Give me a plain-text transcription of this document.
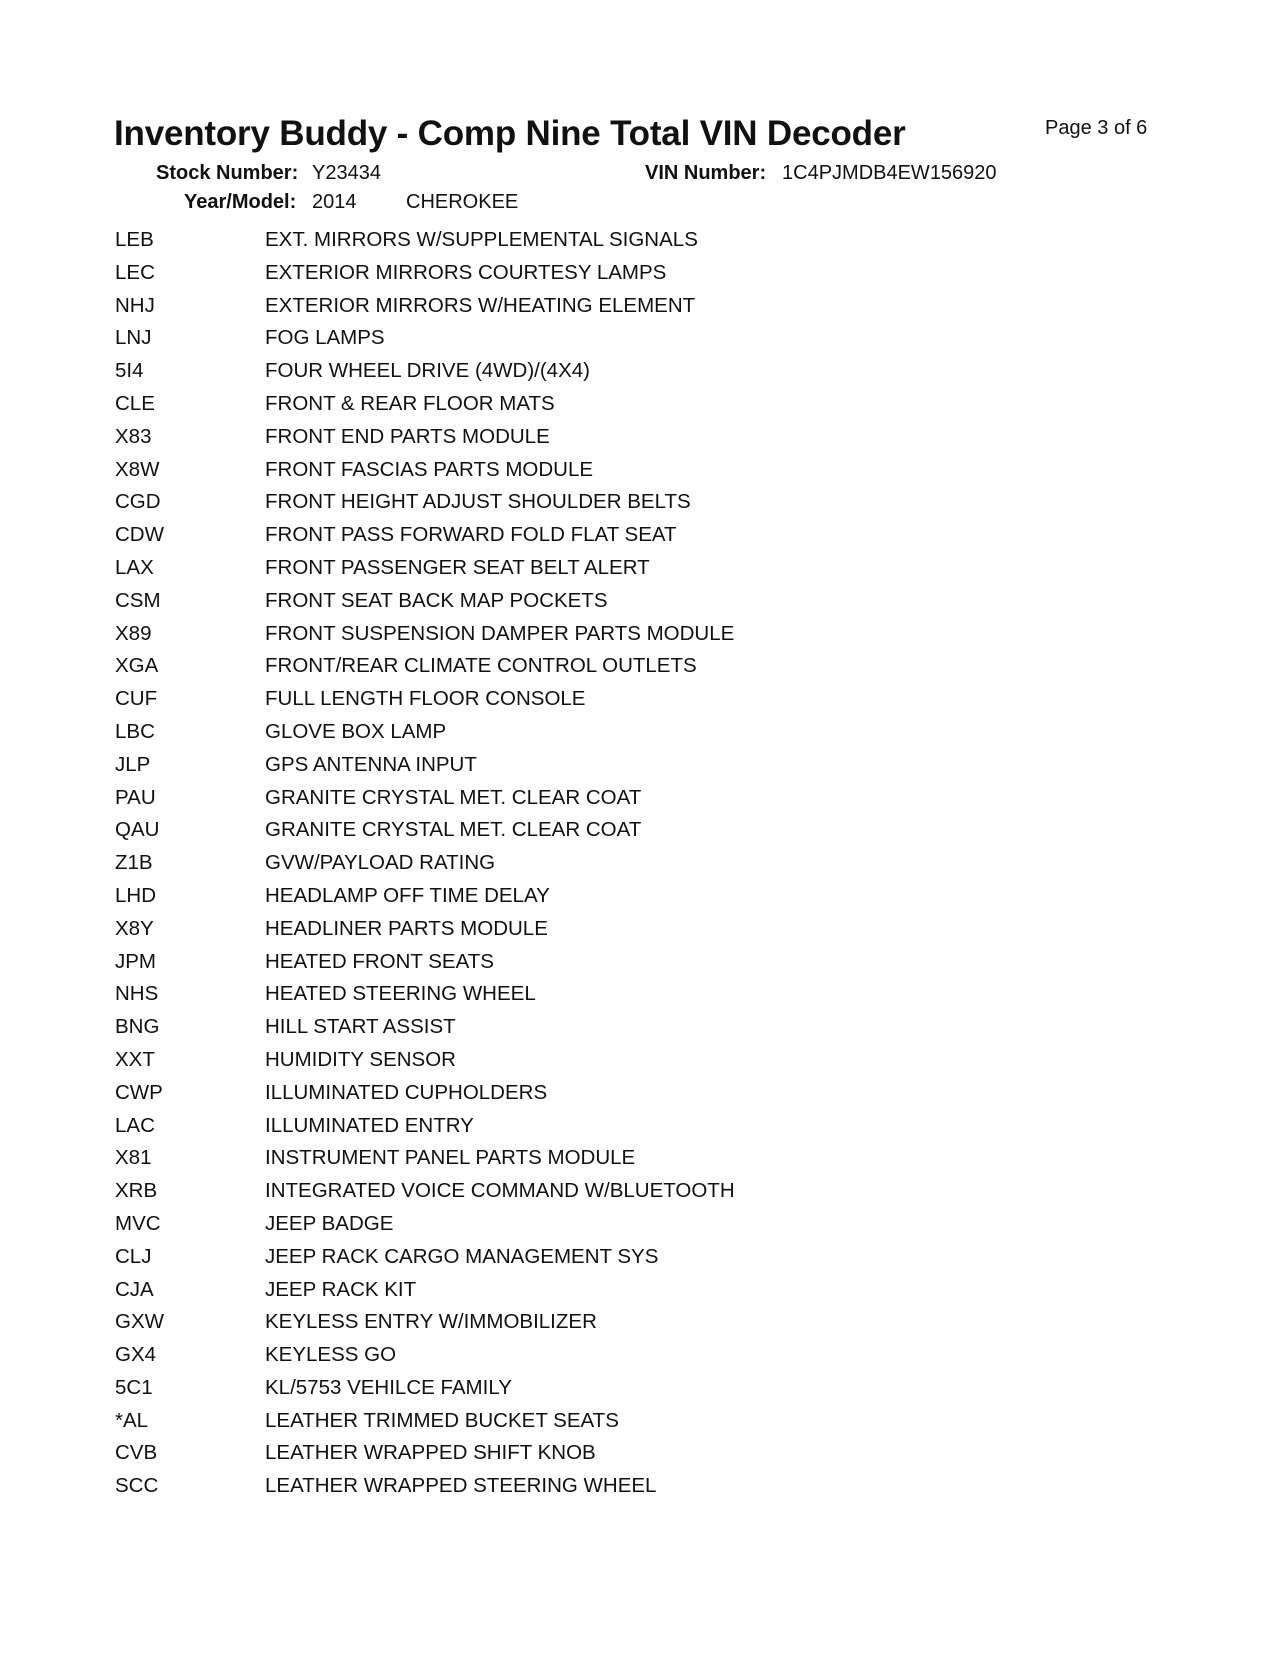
Inventory Buddy - Comp Nine Total VIN Decoder	Page 3 of 6
Stock Number: Y23434	VIN Number: 1C4PJMDB4EW156920
Year/Model: 2014 CHEROKEE
LEB	EXT. MIRRORS W/SUPPLEMENTAL SIGNALS
LEC	EXTERIOR MIRRORS COURTESY LAMPS
NHJ	EXTERIOR MIRRORS W/HEATING ELEMENT
LNJ	FOG LAMPS
5I4	FOUR WHEEL DRIVE (4WD)/(4X4)
CLE	FRONT & REAR FLOOR MATS
X83	FRONT END PARTS MODULE
X8W	FRONT FASCIAS PARTS MODULE
CGD	FRONT HEIGHT ADJUST SHOULDER BELTS
CDW	FRONT PASS FORWARD FOLD FLAT SEAT
LAX	FRONT PASSENGER SEAT BELT ALERT
CSM	FRONT SEAT BACK MAP POCKETS
X89	FRONT SUSPENSION DAMPER PARTS MODULE
XGA	FRONT/REAR CLIMATE CONTROL OUTLETS
CUF	FULL LENGTH FLOOR CONSOLE
LBC	GLOVE BOX LAMP
JLP	GPS ANTENNA INPUT
PAU	GRANITE CRYSTAL MET. CLEAR COAT
QAU	GRANITE CRYSTAL MET. CLEAR COAT
Z1B	GVW/PAYLOAD RATING
LHD	HEADLAMP OFF TIME DELAY
X8Y	HEADLINER PARTS MODULE
JPM	HEATED FRONT SEATS
NHS	HEATED STEERING WHEEL
BNG	HILL START ASSIST
XXT	HUMIDITY SENSOR
CWP	ILLUMINATED CUPHOLDERS
LAC	ILLUMINATED ENTRY
X81	INSTRUMENT PANEL PARTS MODULE
XRB	INTEGRATED VOICE COMMAND W/BLUETOOTH
MVC	JEEP BADGE
CLJ	JEEP RACK CARGO MANAGEMENT SYS
CJA	JEEP RACK KIT
GXW	KEYLESS ENTRY W/IMMOBILIZER
GX4	KEYLESS GO
5C1	KL/5753 VEHILCE FAMILY
*AL	LEATHER TRIMMED BUCKET SEATS
CVB	LEATHER WRAPPED SHIFT KNOB
SCC	LEATHER WRAPPED STEERING WHEEL
